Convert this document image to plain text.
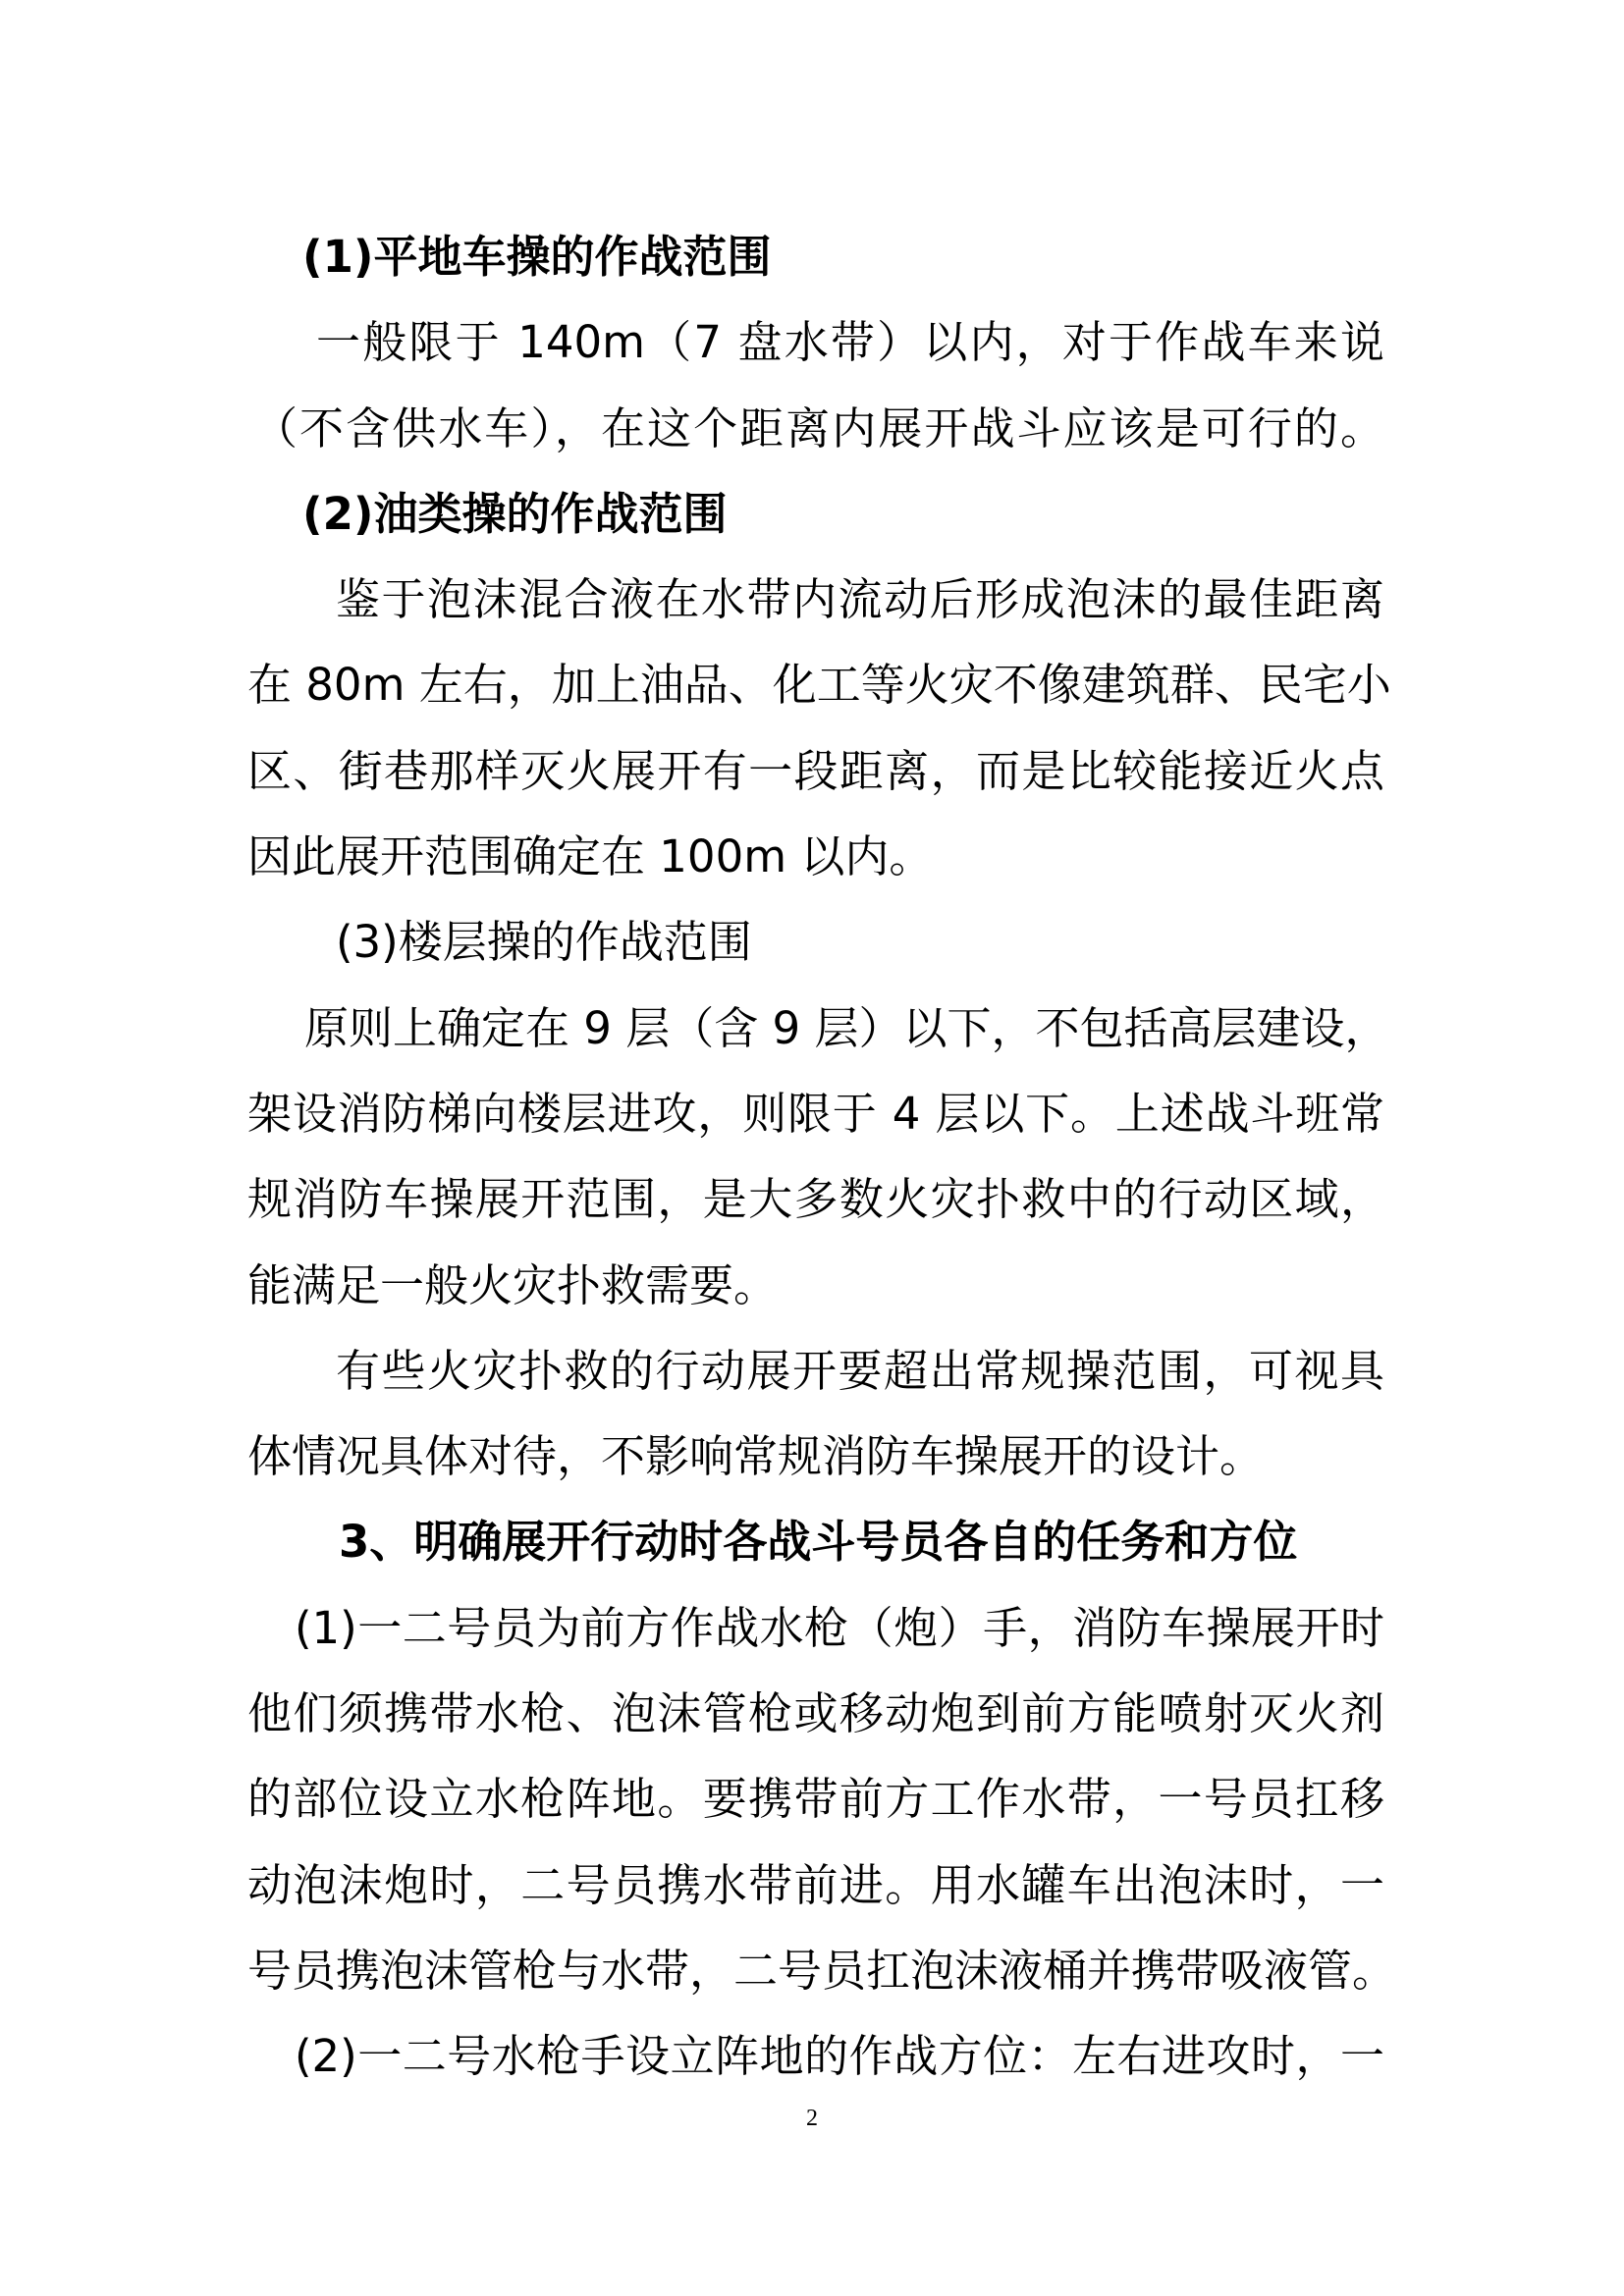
(1)平地车操的作战范围
一般限于 140m（7 盘水带）以内，对于作战车来说
（不含供水车），在这个距离内展开战斗应该是可行的。
(2)油类操的作战范围
鉴于泡沫混合液在水带内流动后形成泡沫的最佳距离
在 80m 左右，加上油品、化工等火灾不像建筑群、民宅小
区、街巷那样灭火展开有一段距离，而是比较能接近火点
因此展开范围确定在 100m 以内。
(3)楼层操的作战范围
原则上确定在 9 层（含 9 层）以下，不包括高层建设，
架设消防梯向楼层进攻，则限于 4 层以下。上述战斗班常
规消防车操展开范围，是大多数火灾扑救中的行动区域，
能满足一般火灾扑救需要。
有些火灾扑救的行动展开要超出常规操范围，可视具
体情况具体对待，不影响常规消防车操展开的设计。
3、明确展开行动时各战斗号员各自的任务和方位
(1)一二号员为前方作战水枪（炮）手，消防车操展开时
他们须携带水枪、泡沫管枪或移动炮到前方能喷射灭火剂
的部位设立水枪阵地。要携带前方工作水带，一号员扛移
动泡沫炮时，二号员携水带前进。用水罐车出泡沫时，一
号员携泡沫管枪与水带，二号员扛泡沫液桶并携带吸液管。
(2)一二号水枪手设立阵地的作战方位：左右进攻时，一
2
